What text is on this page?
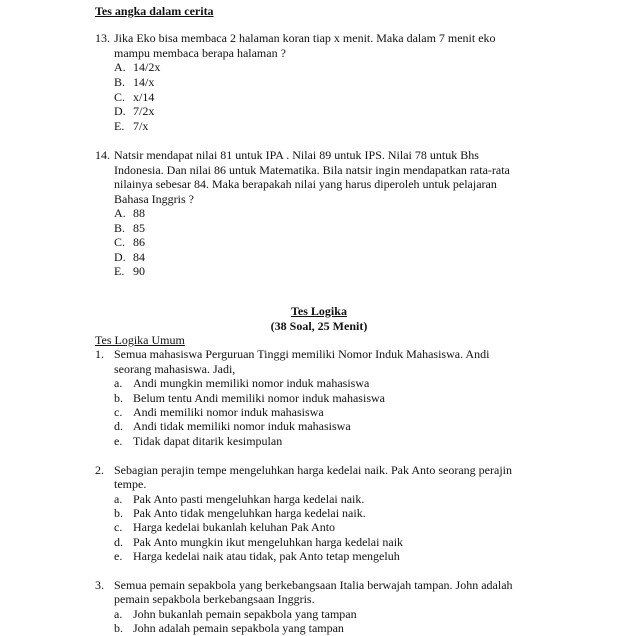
Tes angka dalam cerita
13. Jika Eko bisa membaca 2 halaman koran tiap x menit. Maka dalam 7 menit eko
mampu membaca berapa halaman ?
A. 14/2x
B. 14/x
C. x/14
D. 7/2x
E. 7/x
14. Natsir mendapat nilai 81 untuk IPA . Nilai 89 untuk IPS. Nilai 78 untuk Bhs
Indonesia. Dan nilai 86 untuk Matematika. Bila natsir ingin mendapatkan rata-rata
nilainya sebesar 84. Maka berapakah nilai yang harus diperoleh untuk pelajaran
Bahasa Inggris ?
A. 88
B. 85
C. 86
D. 84
E. 90
Tes Logika
(38 Soal, 25 Menit)
Tes Logika Umum
1. Semua mahasiswa Perguruan Tinggi memiliki Nomor Induk Mahasiswa. Andi
seorang mahasiswa. Jadi,
a. Andi mungkin memiliki nomor induk mahasiswa
b. Belum tentu Andi memiliki nomor induk mahasiswa
c. Andi memiliki nomor induk mahasiswa
d. Andi tidak memiliki nomor induk mahasiswa
e. Tidak dapat ditarik kesimpulan
2. Sebagian perajin tempe mengeluhkan harga kedelai naik. Pak Anto seorang perajin
tempe.
a. Pak Anto pasti mengeluhkan harga kedelai naik.
b. Pak Anto tidak mengeluhkan harga kedelai naik.
c. Harga kedelai bukanlah keluhan Pak Anto
d. Pak Anto mungkin ikut mengeluhkan harga kedelai naik
e. Harga kedelai naik atau tidak, pak Anto tetap mengeluh
3. Semua pemain sepakbola yang berkebangsaan Italia berwajah tampan. John adalah
pemain sepakbola berkebangsaan Inggris.
a. John bukanlah pemain sepakbola yang tampan
b. John adalah pemain sepakbola yang tampan
